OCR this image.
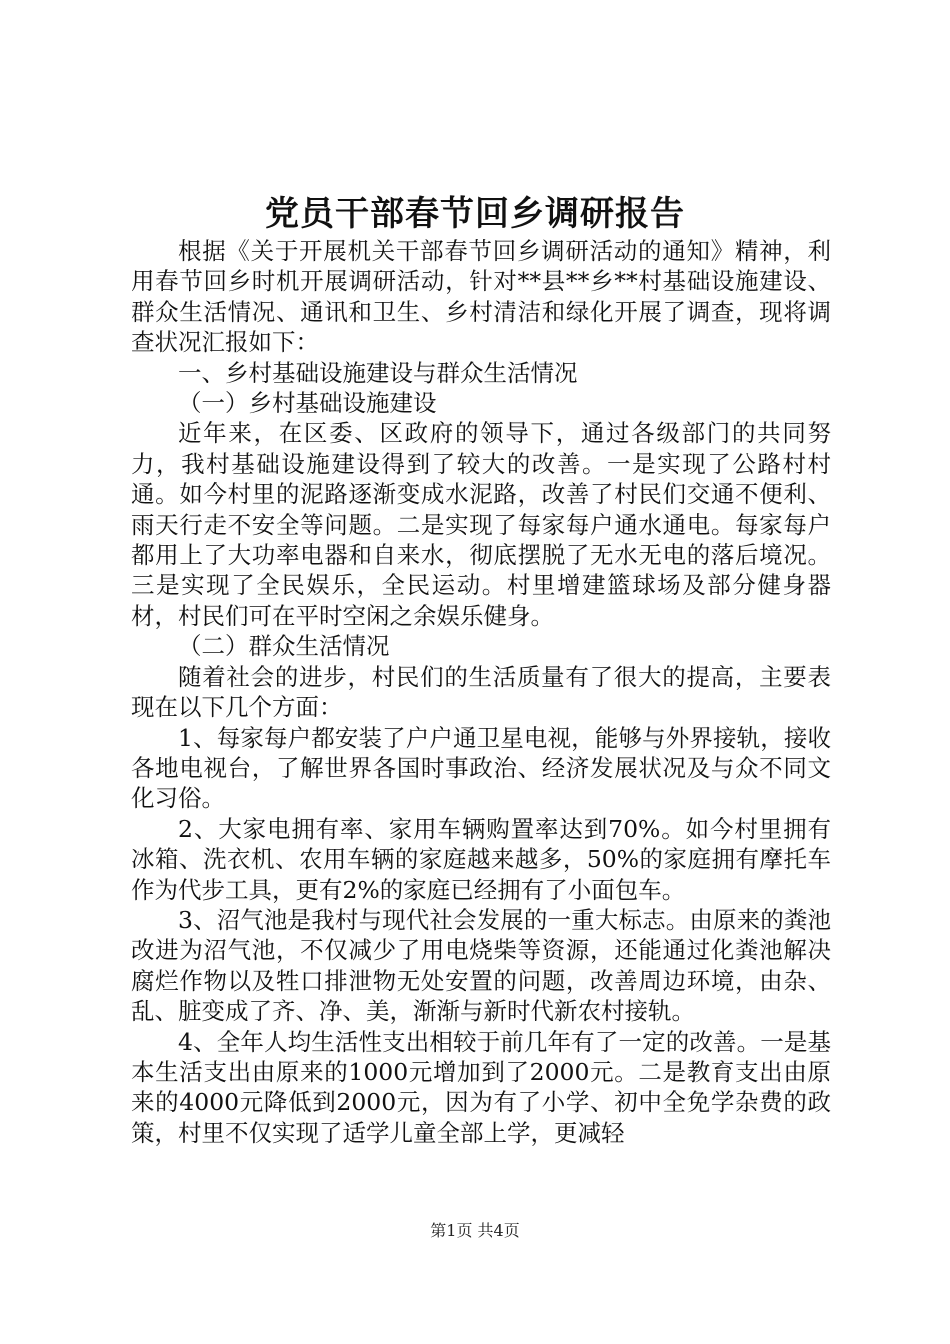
党员干部春节回乡调研报告

根据《关于开展机关干部春节回乡调研活动的通知》精神，利用春节回乡时机开展调研活动，针对**县**乡**村基础设施建设、群众生活情况、通讯和卫生、乡村清洁和绿化开展了调查，现将调查状况汇报如下：

一、乡村基础设施建设与群众生活情况

（一）乡村基础设施建设

近年来，在区委、区政府的领导下，通过各级部门的共同努力，我村基础设施建设得到了较大的改善。一是实现了公路村村通。如今村里的泥路逐渐变成水泥路，改善了村民们交通不便利、雨天行走不安全等问题。二是实现了每家每户通水通电。每家每户都用上了大功率电器和自来水，彻底摆脱了无水无电的落后境况。三是实现了全民娱乐，全民运动。村里增建篮球场及部分健身器材，村民们可在平时空闲之余娱乐健身。

（二）群众生活情况

随着社会的进步，村民们的生活质量有了很大的提高，主要表现在以下几个方面：

1、每家每户都安装了户户通卫星电视，能够与外界接轨，接收各地电视台，了解世界各国时事政治、经济发展状况及与众不同文化习俗。

2、大家电拥有率、家用车辆购置率达到70%。如今村里拥有冰箱、洗衣机、农用车辆的家庭越来越多，50%的家庭拥有摩托车作为代步工具，更有2%的家庭已经拥有了小面包车。

3、沼气池是我村与现代社会发展的一重大标志。由原来的粪池改进为沼气池，不仅减少了用电烧柴等资源，还能通过化粪池解决腐烂作物以及牲口排泄物无处安置的问题，改善周边环境，由杂、乱、脏变成了齐、净、美，渐渐与新时代新农村接轨。

4、全年人均生活性支出相较于前几年有了一定的改善。一是基本生活支出由原来的1000元增加到了2000元。二是教育支出由原来的4000元降低到2000元，因为有了小学、初中全免学杂费的政策，村里不仅实现了适学儿童全部上学，更减轻

第1页 共4页
